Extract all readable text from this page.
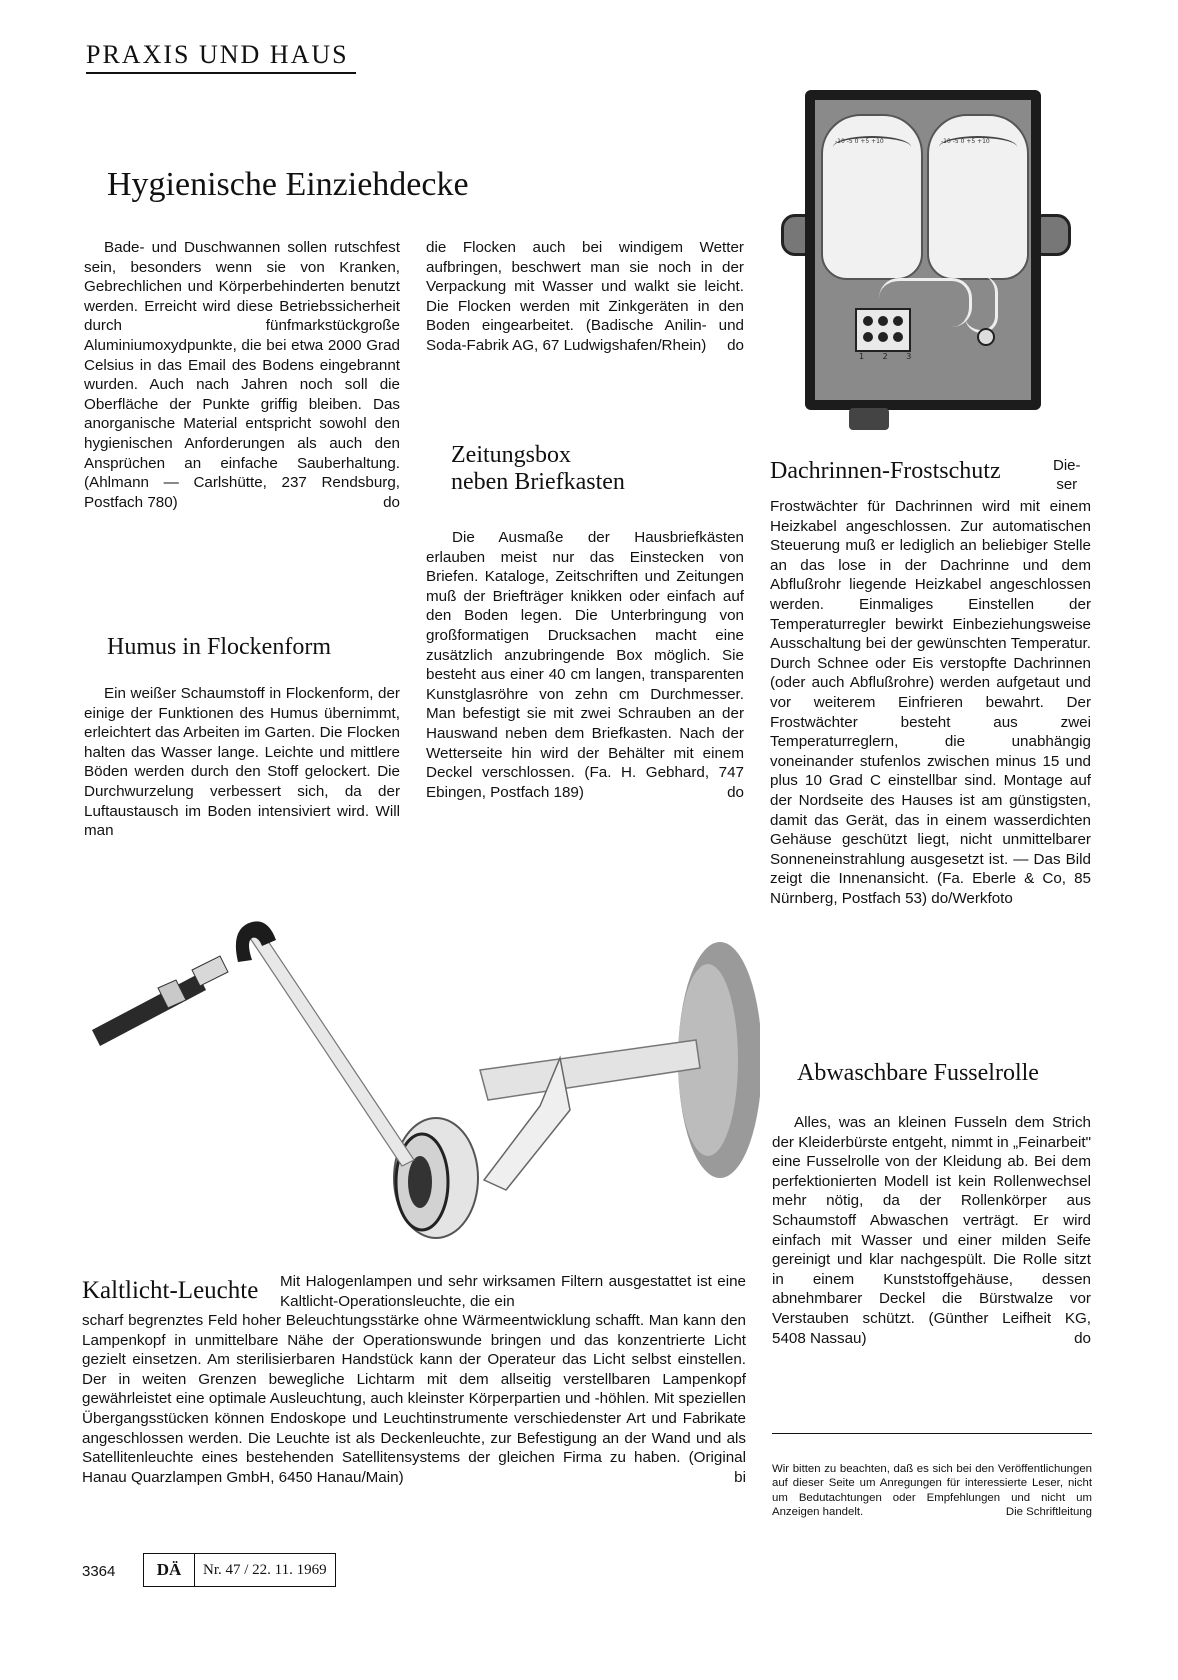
PRAXIS UND HAUS
Hygienische Einziehdecke

Bade- und Duschwannen sollen rutschfest sein, besonders wenn sie von Kranken, Gebrechlichen und Körperbehinderten benutzt werden. Erreicht wird diese Betriebssicherheit durch fünfmarkstückgroße Aluminiumoxydpunkte, die bei etwa 2000 Grad Celsius in das Email des Bodens eingebrannt wurden. Auch nach Jahren noch soll die Oberfläche der Punkte griffig bleiben. Das anorganische Material entspricht sowohl den hygienischen Anforderungen als auch den Ansprüchen an einfache Sauberhaltung. (Ahlmann — Carlshütte, 237 Rendsburg, Postfach 780)	do

Humus in Flockenform

Ein weißer Schaumstoff in Flockenform, der einige der Funktionen des Humus übernimmt, erleichtert das Arbeiten im Garten. Die Flocken halten das Wasser lange. Leichte und mittlere Böden werden durch den Stoff gelockert. Die Durchwurzelung verbessert sich, da der Luftaustausch im Boden intensiviert wird. Will man

die Flocken auch bei windigem Wetter aufbringen, beschwert man sie noch in der Verpackung mit Wasser und walkt sie leicht. Die Flocken werden mit Zinkgeräten in den Boden eingearbeitet. (Badische Anilin- und Soda-Fabrik AG, 67 Ludwigshafen/Rhein) do

Zeitungsbox
neben Briefkasten

Die Ausmaße der Hausbriefkästen erlauben meist nur das Einstecken von Briefen. Kataloge, Zeitschriften und Zeitungen muß der Briefträger knikken oder einfach auf den Boden legen. Die Unterbringung von großformatigen Drucksachen macht eine zusätzlich anzubringende Box möglich. Sie besteht aus einer 40 cm langen, transparenten Kunstglasröhre von zehn cm Durchmesser. Man befestigt sie mit zwei Schrauben an der Hauswand neben dem Briefkasten. Nach der Wetterseite hin wird der Behälter mit einem Deckel verschlossen. (Fa. H. Gebhard, 747 Ebingen, Postfach 189)	do

-10 -5 0 +5 +10	-10 -5 0 +5 +10
1 2 3
Dachrinnen-Frostschutz	Die-
ser

Frostwächter für Dachrinnen wird mit einem Heizkabel angeschlossen. Zur automatischen Steuerung muß er lediglich an beliebiger Stelle an das lose in der Dachrinne und dem Abflußrohr liegende Heizkabel angeschlossen werden. Einmaliges Einstellen der Temperaturregler bewirkt Einbeziehungsweise Ausschaltung bei der gewünschten Temperatur. Durch Schnee oder Eis verstopfte Dachrinnen (oder auch Abflußrohre) werden aufgetaut und vor weiterem Einfrieren bewahrt. Der Frostwächter besteht aus zwei Temperaturreglern, die unabhängig voneinander stufenlos zwischen minus 15 und plus 10 Grad C einstellbar sind. Montage auf der Nordseite des Hauses ist am günstigsten, damit das Gerät, das in einem wasserdichten Gehäuse geschützt liegt, nicht unmittelbarer Sonneneinstrahlung ausgesetzt ist. — Das Bild zeigt die Innenansicht. (Fa. Eberle & Co, 85 Nürnberg, Postfach 53) do/Werkfoto

Abwaschbare Fusselrolle

Alles, was an kleinen Fusseln dem Strich der Kleiderbürste entgeht, nimmt in „Feinarbeit" eine Fusselrolle von der Kleidung ab. Bei dem perfektionierten Modell ist kein Rollenwechsel mehr nötig, da der Rollenkörper aus Schaumstoff Abwaschen verträgt. Er wird einfach mit Wasser und einer milden Seife gereinigt und klar nachgespült. Die Rolle sitzt in einem Kunststoffgehäuse, dessen abnehmbarer Deckel die Bürstwalze vor Verstauben schützt. (Günther Leifheit KG, 5408 Nassau)	do

Wir bitten zu beachten, daß es sich bei den Veröffentlichungen auf dieser Seite um Anregungen für interessierte Leser, nicht um Bedutachtungen oder Empfehlungen und nicht um Anzeigen handelt.	Die Schriftleitung

Kaltlicht-Leuchte Mit Halogenlampen und sehr wirksamen Filtern ausgestattet ist eine Kaltlicht-Operationsleuchte, die ein

scharf begrenztes Feld hoher Beleuchtungsstärke ohne Wärmeentwicklung schafft. Man kann den Lampenkopf in unmittelbare Nähe der Operationswunde bringen und das konzentrierte Licht gezielt einsetzen. Am sterilisierbaren Handstück kann der Operateur das Licht selbst einstellen. Der in weiten Grenzen bewegliche Lichtarm mit dem allseitig verstellbaren Lampenkopf gewährleistet eine optimale Ausleuchtung, auch kleinster Körperpartien und -höhlen. Mit speziellen Übergangsstücken können Endoskope und Leuchtinstrumente verschiedenster Art und Fabrikate angeschlossen werden. Die Leuchte ist als Deckenleuchte, zur Befestigung an der Wand und als Satellitenleuchte eines bestehenden Satellitensystems der gleichen Firma zu haben. (Original Hanau Quarzlampen GmbH, 6450 Hanau/Main)	bi

3364	DÄ	Nr. 47 / 22. 11. 1969
